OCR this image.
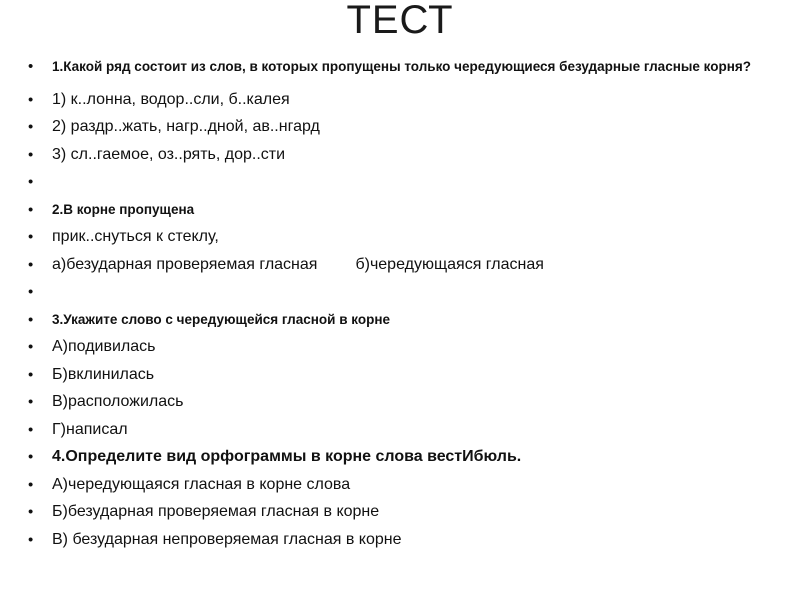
ТЕСТ
• 1.Какой ряд состоит из слов, в которых пропущены только чередующиеся безударные гласные корня?
• 1) к..лонна, водор..сли, б..калея
• 2) раздр..жать, нагр..дной, ав..нгард
• 3) сл..гаемое, оз..рять, дор..сти
•
• 2.В корне пропущена
• прик..снуться к стеклу,
• а)безударная проверяемая гласная б)чередующаяся гласная
•
• 3.Укажите слово с чередующейся гласной в корне
• А)подивилась
• Б)вклинилась
• В)расположилась
• Г)написал
• 4.Определите вид орфограммы в корне слова вестИбюль.
• А)чередующаяся гласная в корне слова
• Б)безударная проверяемая гласная в корне
• В) безударная непроверяемая гласная в корне
